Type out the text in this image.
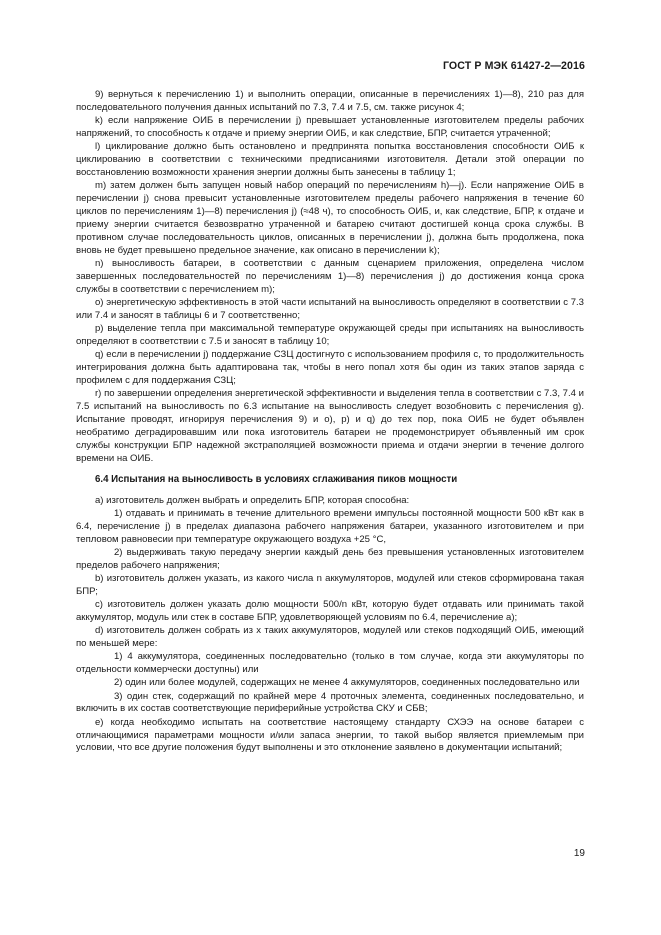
ГОСТ Р МЭК 61427-2—2016

9) вернуться к перечислению 1) и выполнить операции, описанные в перечислениях 1)—8), 210 раз для последовательного получения данных испытаний по 7.3, 7.4 и 7.5, см. также рисунок 4;

k) если напряжение ОИБ в перечислении j) превышает установленные изготовителем пределы рабочих напряжений, то способность к отдаче и приему энергии ОИБ, и как следствие, БПР, считается утраченной;

l) циклирование должно быть остановлено и предпринята попытка восстановления способности ОИБ к циклированию в соответствии с техническими предписаниями изготовителя. Детали этой операции по восстановлению возможности хранения энергии должны быть занесены в таблицу 1;

m) затем должен быть запущен новый набор операций по перечислениям h)—j). Если напряжение ОИБ в перечислении j) снова превысит установленные изготовителем пределы рабочего напряжения в течение 60 циклов по перечислениям 1)—8) перечисления j) (≈48 ч), то способность ОИБ, и, как следствие, БПР, к отдаче и приему энергии считается безвозвратно утраченной и батарею считают достигшей конца срока службы. В противном случае последовательность циклов, описанных в перечислении j), должна быть продолжена, пока вновь не будет превышено предельное значение, как описано в перечислении k);

n) выносливость батареи, в соответствии с данным сценарием приложения, определена числом завершенных последовательностей по перечислениям 1)—8) перечисления j) до достижения конца срока службы в соответствии с перечислением m);

o) энергетическую эффективность в этой части испытаний на выносливость определяют в соответствии с 7.3 или 7.4 и заносят в таблицы 6 и 7 соответственно;

p) выделение тепла при максимальной температуре окружающей среды при испытаниях на выносливость определяют в соответствии с 7.5 и заносят в таблицу 10;

q) если в перечислении j) поддержание СЗЦ достигнуто с использованием профиля c, то продолжительность интегрирования должна быть адаптирована так, чтобы в него попал хотя бы один из таких этапов заряда с профилем c для поддержания СЗЦ;

r) по завершении определения энергетической эффективности и выделения тепла в соответствии с 7.3, 7.4 и 7.5 испытаний на выносливость по 6.3 испытание на выносливость следует возобновить с перечисления g). Испытание проводят, игнорируя перечисления 9) и o), p) и q) до тех пор, пока ОИБ не будет объявлен необратимо деградировавшим или пока изготовитель батареи не продемонстрирует объявленный им срок службы конструкции БПР надежной экстраполяцией возможности приема и отдачи энергии в течение долгого времени на ОИБ.

6.4 Испытания на выносливость в условиях сглаживания пиков мощности

a) изготовитель должен выбрать и определить БПР, которая способна:

1) отдавать и принимать в течение длительного времени импульсы постоянной мощности 500 кВт как в 6.4, перечисление j) в пределах диапазона рабочего напряжения батареи, указанного изготовителем и при тепловом равновесии при температуре окружающего воздуха +25 °C,

2) выдерживать такую передачу энергии каждый день без превышения установленных изготовителем пределов рабочего напряжения;

b) изготовитель должен указать, из какого числа n аккумуляторов, модулей или стеков сформирована такая БПР;

c) изготовитель должен указать долю мощности 500/n кВт, которую будет отдавать или принимать такой аккумулятор, модуль или стек в составе БПР, удовлетворяющей условиям по 6.4, перечисление a);

d) изготовитель должен собрать из x таких аккумуляторов, модулей или стеков подходящий ОИБ, имеющий по меньшей мере:

1) 4 аккумулятора, соединенных последовательно (только в том случае, когда эти аккумуляторы по отдельности коммерчески доступны) или

2) один или более модулей, содержащих не менее 4 аккумуляторов, соединенных последовательно или

3) один стек, содержащий по крайней мере 4 проточных элемента, соединенных последовательно, и включить в их состав соответствующие периферийные устройства СКУ и СБВ;

e) когда необходимо испытать на соответствие настоящему стандарту СХЭЭ на основе батареи с отличающимися параметрами мощности и/или запаса энергии, то такой выбор является приемлемым при условии, что все другие положения будут выполнены и это отклонение заявлено в документации испытаний;

19
